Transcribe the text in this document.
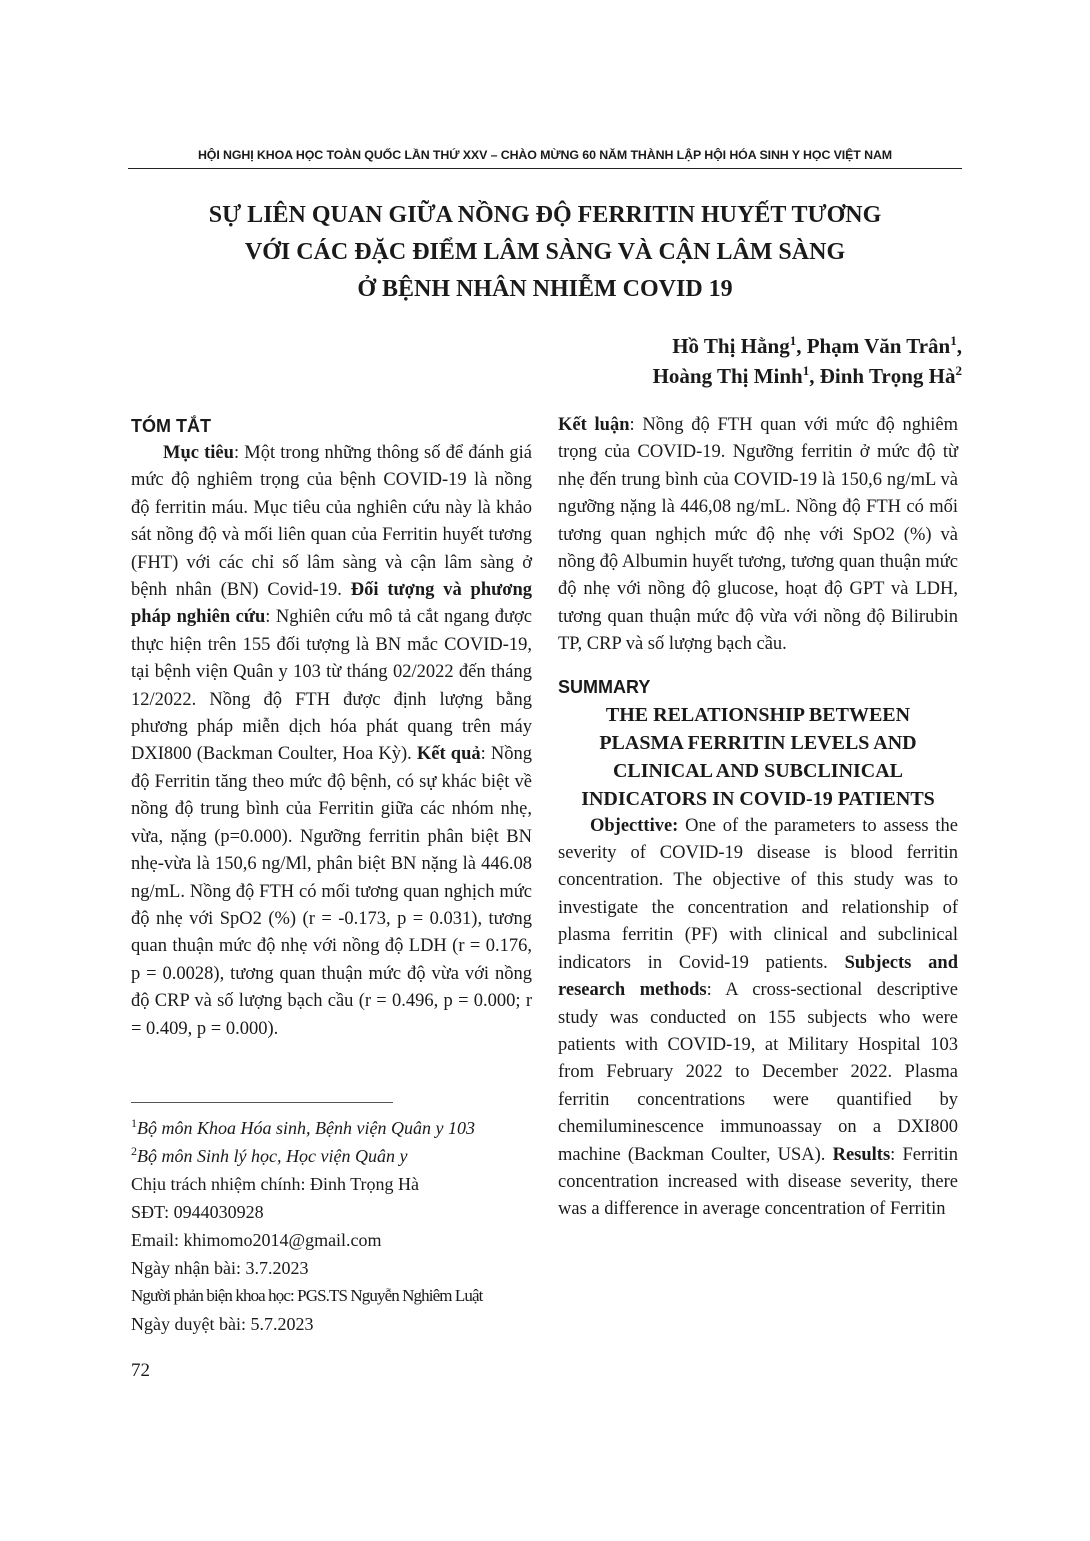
HỘI NGHỊ KHOA HỌC TOÀN QUỐC LẦN THỨ XXV – CHÀO MỪNG 60 NĂM THÀNH LẬP HỘI HÓA SINH Y HỌC VIỆT NAM
SỰ LIÊN QUAN GIỮA NỒNG ĐỘ FERRITIN HUYẾT TƯƠNG
VỚI CÁC ĐẶC ĐIỂM LÂM SÀNG VÀ CẬN LÂM SÀNG
Ở BỆNH NHÂN NHIỄM COVID 19
Hồ Thị Hằng$^1$, Phạm Văn Trân$^1$,
Hoàng Thị Minh$^1$, Đinh Trọng $Hà^2$
TÓM TẮT

Mục tiêu: Một trong những thông số để đánh giá mức độ nghiêm trọng của bệnh COVID-19 là nồng độ ferritin máu. Mục tiêu của nghiên cứu này là khảo sát nồng độ và mối liên quan của Ferritin huyết tương (FHT) với các chỉ số lâm sàng và cận lâm sàng ở bệnh nhân (BN) Covid-19. Đối tượng và phương pháp nghiên cứu: Nghiên cứu mô tả cắt ngang được thực hiện trên 155 đối tượng là BN mắc COVID-19, tại bệnh viện Quân y 103 từ tháng 02/2022 đến tháng 12/2022. Nồng độ FTH được định lượng bằng phương pháp miễn dịch hóa phát quang trên máy DXI800 (Backman Coulter, Hoa Kỳ). Kết quả: Nồng độ Ferritin tăng theo mức độ bệnh, có sự khác biệt về nồng độ trung bình của Ferritin giữa các nhóm nhẹ, vừa, nặng (p=0.000). Ngưỡng ferritin phân biệt BN nhẹ-vừa là 150,6 ng/Ml, phân biệt BN nặng là 446.08 ng/mL. Nồng độ FTH có mối tương quan nghịch mức độ nhẹ với SpO2 (%) (r = -0.173, p = 0.031), tương quan thuận mức độ nhẹ với nồng độ LDH (r = 0.176, p = 0.0028), tương quan thuận mức độ vừa với nồng độ CRP và số lượng bạch cầu (r = 0.496, p = 0.000; r = 0.409, p = 0.000).

$^1$Bộ môn Khoa Hóa sinh, Bệnh viện Quân y 103
$^2$Bộ môn Sinh lý học, Học viện Quân y
Chịu trách nhiệm chính: Đinh Trọng Hà
SĐT: 0944030928
Email: khimomo2014@gmail.com
Ngày nhận bài: 3.7.2023
Người phản biện khoa học: PGS.TS Nguyễn Nghiêm Luật
Ngày duyệt bài: 5.7.2023

Kết luận: Nồng độ FTH quan với mức độ nghiêm trọng của COVID-19. Ngưỡng ferritin ở mức độ từ nhẹ đến trung bình của COVID-19 là 150,6 ng/mL và ngưỡng nặng là 446,08 ng/mL. Nồng độ FTH có mối tương quan nghịch mức độ nhẹ với SpO2 (%) và nồng độ Albumin huyết tương, tương quan thuận mức độ nhẹ với nồng độ glucose, hoạt độ GPT và LDH, tương quan thuận mức độ vừa với nồng độ Bilirubin TP, CRP và số lượng bạch cầu.

SUMMARY
THE RELATIONSHIP BETWEEN
PLASMA FERRITIN LEVELS AND
CLINICAL AND SUBCLINICAL
INDICATORS IN COVID-19 PATIENTS

Objecttive: One of the parameters to assess the severity of COVID-19 disease is blood ferritin concentration. The objective of this study was to investigate the concentration and relationship of plasma ferritin (PF) with clinical and subclinical indicators in Covid-19 patients. Subjects and research methods: A cross-sectional descriptive study was conducted on 155 subjects who were patients with COVID-19, at Military Hospital 103 from February 2022 to December 2022. Plasma ferritin concentrations were quantified by chemiluminescence immunoassay on a DXI800 machine (Backman Coulter, USA). Results: Ferritin concentration increased with disease severity, there was a difference in average concentration of Ferritin

72
